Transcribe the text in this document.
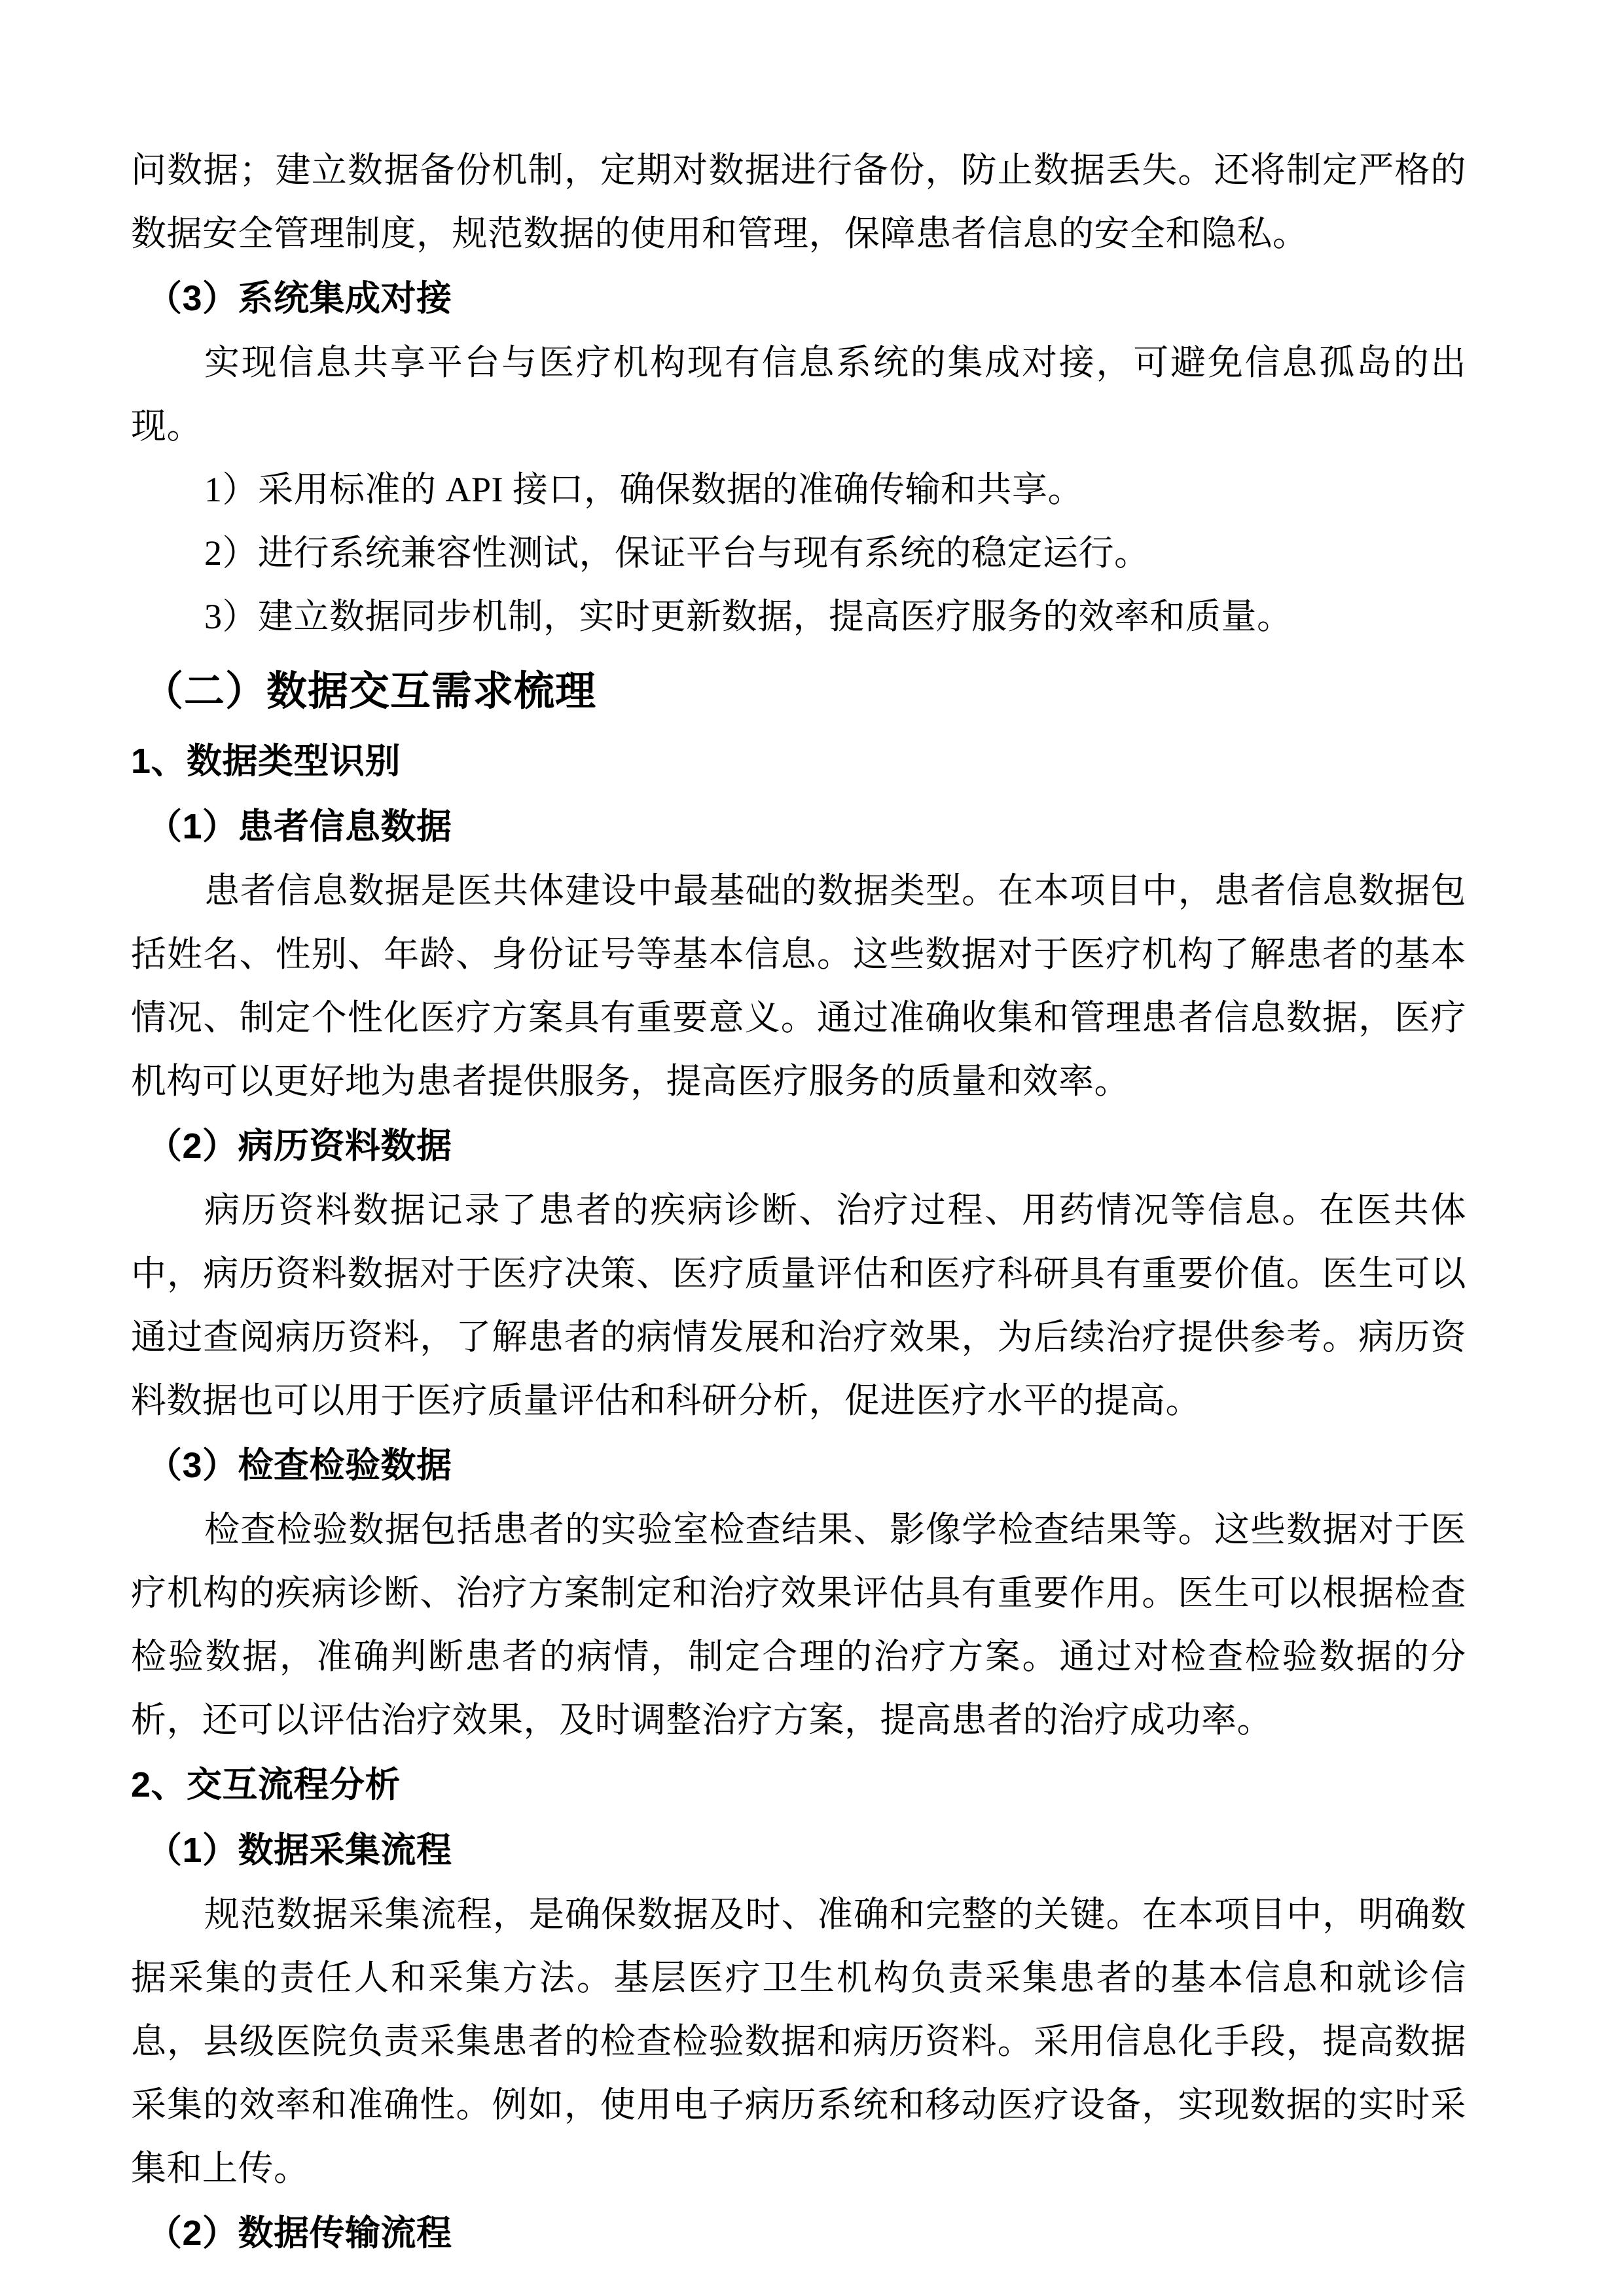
问数据；建立数据备份机制，定期对数据进行备份，防止数据丢失。还将制定严格的数据安全管理制度，规范数据的使用和管理，保障患者信息的安全和隐私。

（3）系统集成对接

实现信息共享平台与医疗机构现有信息系统的集成对接，可避免信息孤岛的出现。

1）采用标准的 API 接口，确保数据的准确传输和共享。

2）进行系统兼容性测试，保证平台与现有系统的稳定运行。

3）建立数据同步机制，实时更新数据，提高医疗服务的效率和质量。

（二）数据交互需求梳理
1、数据类型识别
（1）患者信息数据

患者信息数据是医共体建设中最基础的数据类型。在本项目中，患者信息数据包括姓名、性别、年龄、身份证号等基本信息。这些数据对于医疗机构了解患者的基本情况、制定个性化医疗方案具有重要意义。通过准确收集和管理患者信息数据，医疗机构可以更好地为患者提供服务，提高医疗服务的质量和效率。

（2）病历资料数据

病历资料数据记录了患者的疾病诊断、治疗过程、用药情况等信息。在医共体中，病历资料数据对于医疗决策、医疗质量评估和医疗科研具有重要价值。医生可以通过查阅病历资料，了解患者的病情发展和治疗效果，为后续治疗提供参考。病历资料数据也可以用于医疗质量评估和科研分析，促进医疗水平的提高。

（3）检查检验数据

检查检验数据包括患者的实验室检查结果、影像学检查结果等。这些数据对于医疗机构的疾病诊断、治疗方案制定和治疗效果评估具有重要作用。医生可以根据检查检验数据，准确判断患者的病情，制定合理的治疗方案。通过对检查检验数据的分析，还可以评估治疗效果，及时调整治疗方案，提高患者的治疗成功率。

2、交互流程分析
（1）数据采集流程

规范数据采集流程，是确保数据及时、准确和完整的关键。在本项目中，明确数据采集的责任人和采集方法。基层医疗卫生机构负责采集患者的基本信息和就诊信息，县级医院负责采集患者的检查检验数据和病历资料。采用信息化手段，提高数据采集的效率和准确性。例如，使用电子病历系统和移动医疗设备，实现数据的实时采集和上传。

（2）数据传输流程
